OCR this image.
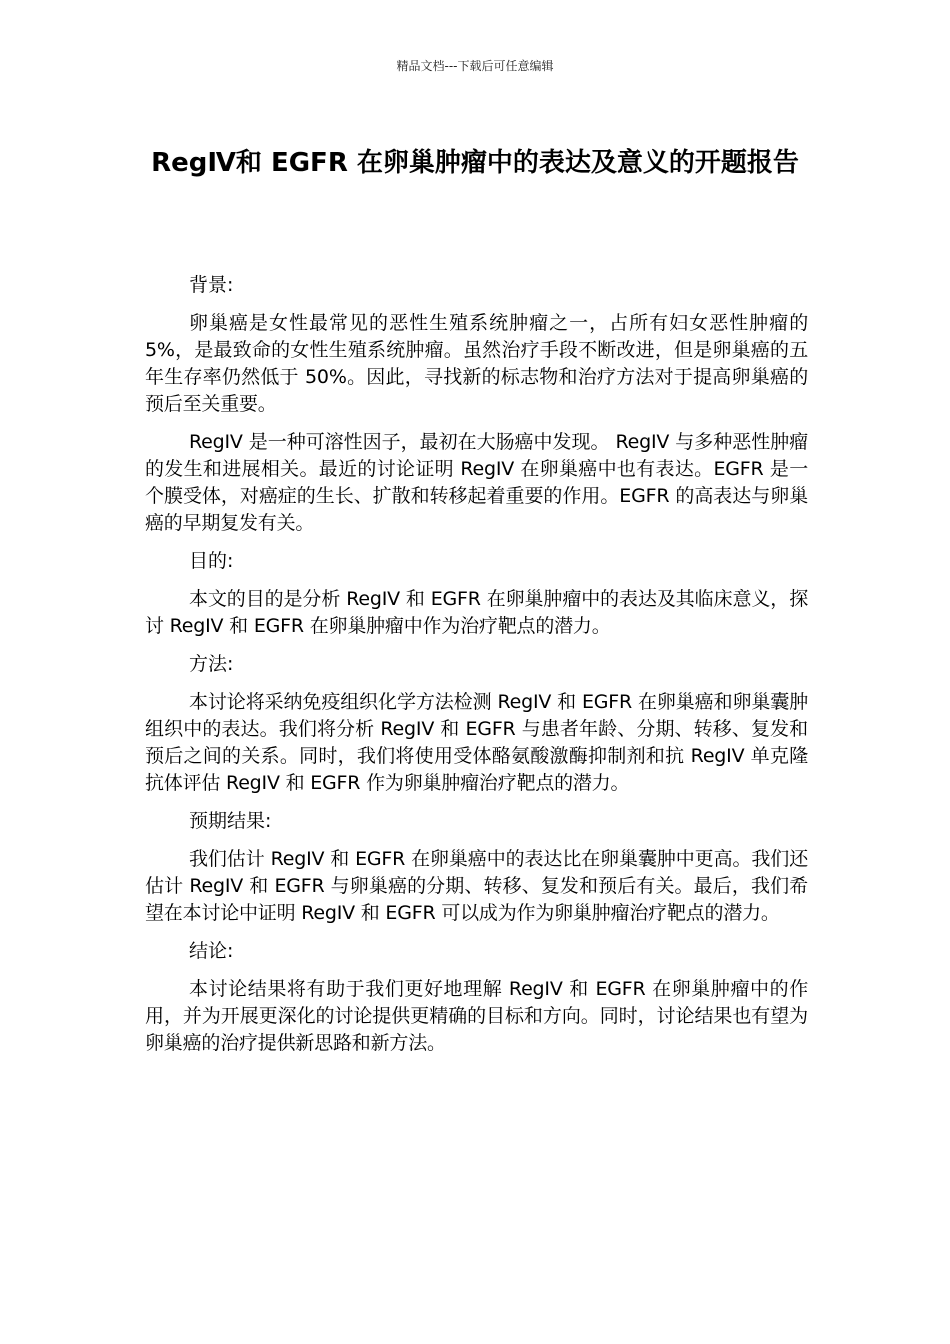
精品文档---下载后可任意编辑
RegⅣ和 EGFR 在卵巢肿瘤中的表达及意义的开题报告

背景:

卵巢癌是女性最常见的恶性生殖系统肿瘤之一，占所有妇女恶性肿瘤的 5%，是最致命的女性生殖系统肿瘤。虽然治疗手段不断改进，但是卵巢癌的五年生存率仍然低于 50%。因此，寻找新的标志物和治疗方法对于提高卵巢癌的预后至关重要。

RegIV 是一种可溶性因子，最初在大肠癌中发现。 RegIV 与多种恶性肿瘤的发生和进展相关。最近的讨论证明 RegIV 在卵巢癌中也有表达。EGFR 是一个膜受体，对癌症的生长、扩散和转移起着重要的作用。EGFR 的高表达与卵巢癌的早期复发有关。

目的:

本文的目的是分析 RegIV 和 EGFR 在卵巢肿瘤中的表达及其临床意义，探讨 RegIV 和 EGFR 在卵巢肿瘤中作为治疗靶点的潜力。

方法:

本讨论将采纳免疫组织化学方法检测 RegIV 和 EGFR 在卵巢癌和卵巢囊肿组织中的表达。我们将分析 RegIV 和 EGFR 与患者年龄、分期、转移、复发和预后之间的关系。同时，我们将使用受体酪氨酸激酶抑制剂和抗 RegIV 单克隆抗体评估 RegIV 和 EGFR 作为卵巢肿瘤治疗靶点的潜力。

预期结果:

我们估计 RegIV 和 EGFR 在卵巢癌中的表达比在卵巢囊肿中更高。我们还估计 RegIV 和 EGFR 与卵巢癌的分期、转移、复发和预后有关。最后，我们希望在本讨论中证明 RegIV 和 EGFR 可以成为作为卵巢肿瘤治疗靶点的潜力。

结论:

本讨论结果将有助于我们更好地理解 RegIV 和 EGFR 在卵巢肿瘤中的作用，并为开展更深化的讨论提供更精确的目标和方向。同时，讨论结果也有望为卵巢癌的治疗提供新思路和新方法。
